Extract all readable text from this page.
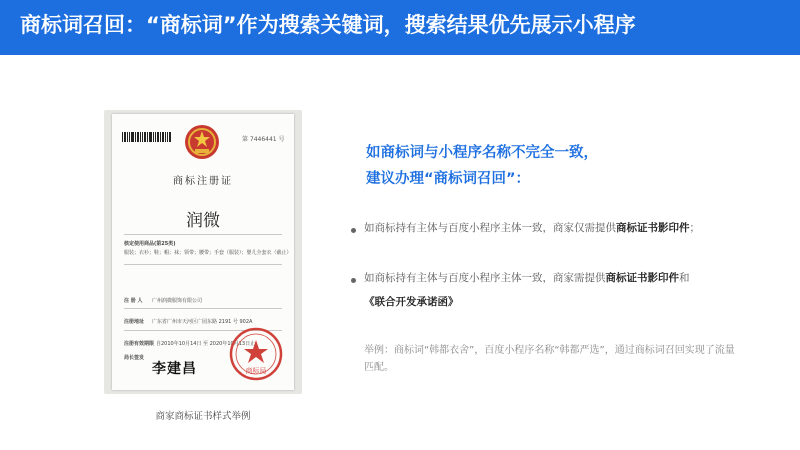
商标词召回：“商标词”作为搜索关键词，搜索结果优先展示小程序
第 7446441 号
商标注册证
润微
核定使用商品(第25类)
服装；衣衫；鞋；帽；袜；领带；腰带；手套（服装）；婴儿全套衣（截止）
注 册 人 广州润微服饰有限公司
注册地址 广东省广州市天河区广园东路 2191 号 902A
注册有效期限 自2010年10月14日 至 2020年10月13日止
局长签发
商标局
李建昌
商家商标证书样式举例
如商标词与小程序名称不完全一致，
建议办理“商标词召回”：
如商标持有主体与百度小程序主体一致，商家仅需提供商标证书影印件；
如商标持有主体与百度小程序主体一致，商家需提供商标证书影印件和
《联合开发承诺函》
举例：商标词“韩都衣舍”，百度小程序名称“韩都严选”，通过商标词召回实现了流量匹配。
